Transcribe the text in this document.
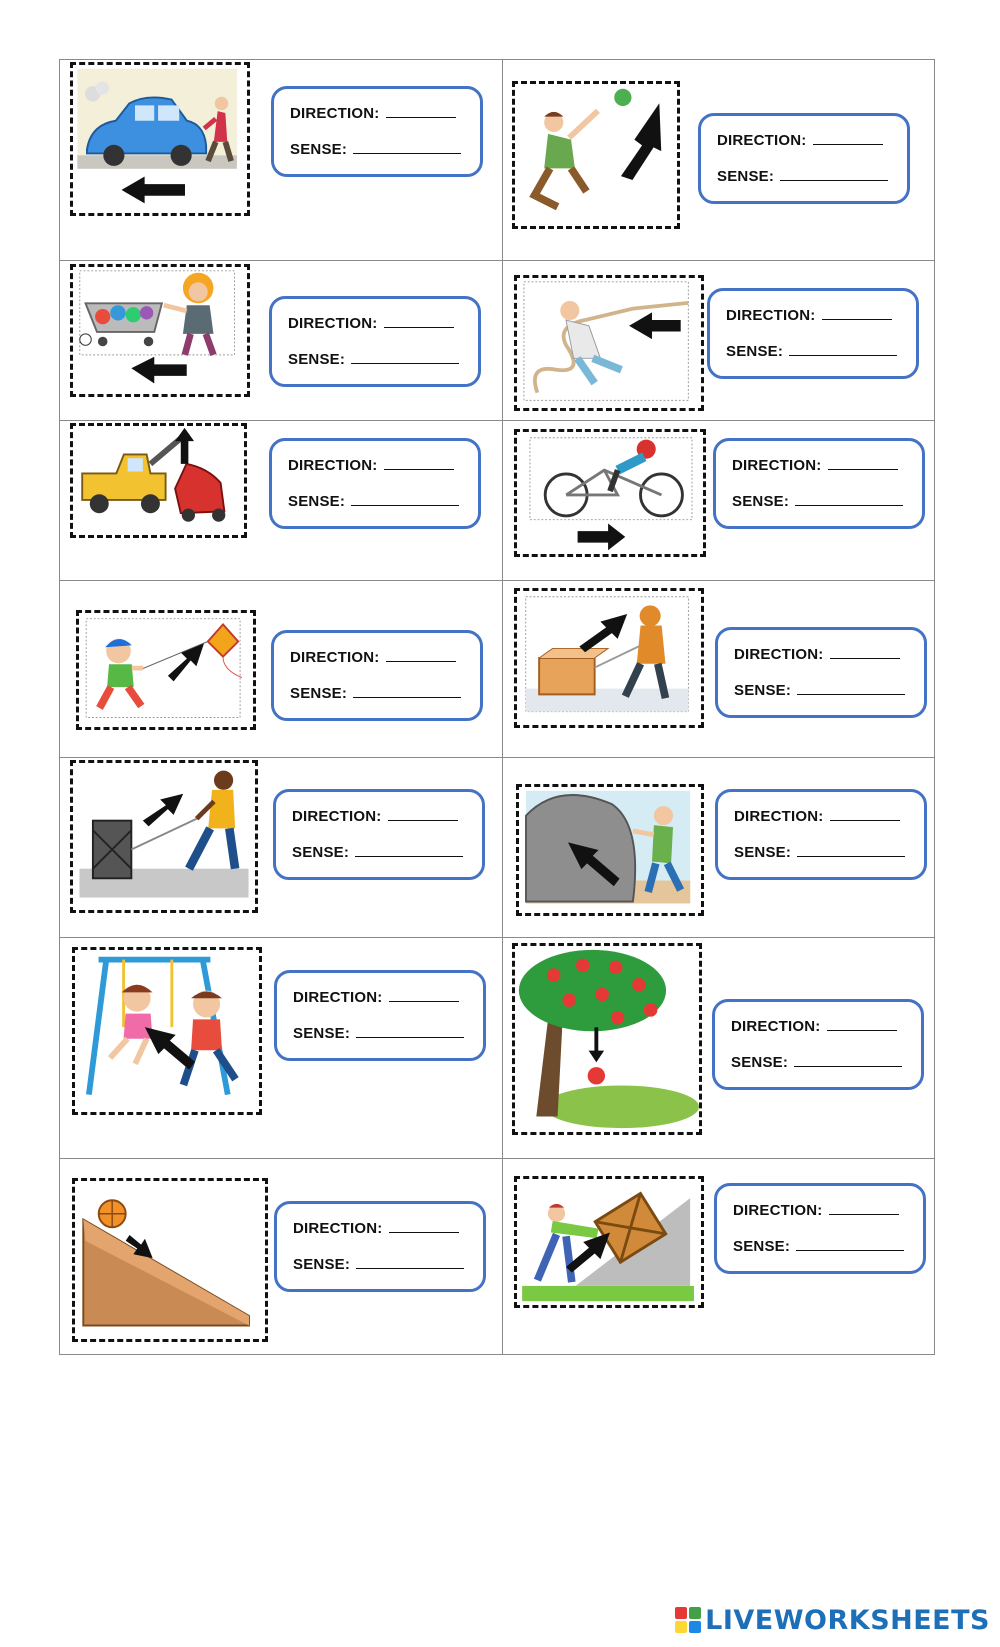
DIRECTION:
SENSE:
DIRECTION:
SENSE:
DIRECTION:
SENSE:
DIRECTION:
SENSE:
DIRECTION:
SENSE:
DIRECTION:
SENSE:
DIRECTION:
SENSE:
DIRECTION:
SENSE:
DIRECTION:
SENSE:
DIRECTION:
SENSE:
DIRECTION:
SENSE:	DIRECTION:
SENSE:
DIRECTION:
SENSE:
DIRECTION:
SENSE:
LIVEWORKSHEETS
